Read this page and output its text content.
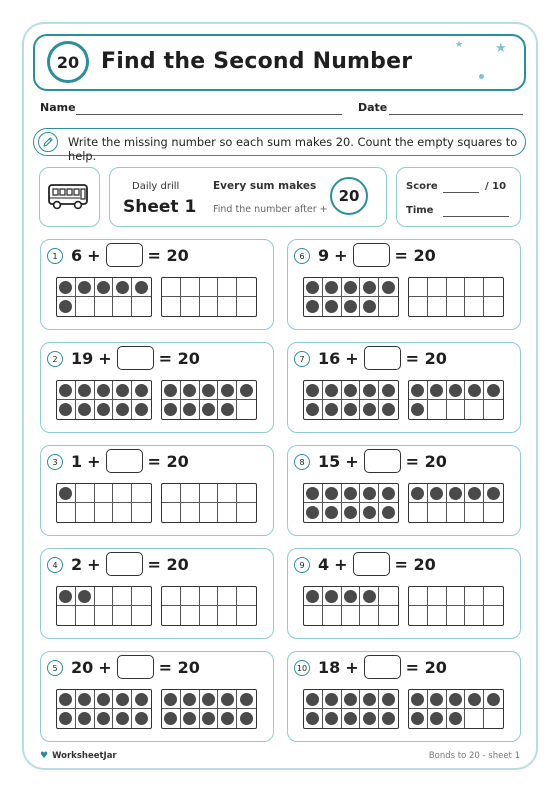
20 Find the Second Number
★ ★
Name	Date
Write the missing number so each sum makes 20. Count the empty squares to help.
Daily drill
Sheet 1
Every sum makes
Find the number after +
20
Score	/ 10
Time
1 6 +	= 20
2 19 +	= 20
3 1 +	= 20
4 2 +	= 20
5 20 +	= 20
6 9 +	= 20
7 16 +	= 20
8 15 +	= 20
9 4 +	= 20
10 18 +	= 20
♥ WorksheetJar	Bonds to 20 - sheet 1
